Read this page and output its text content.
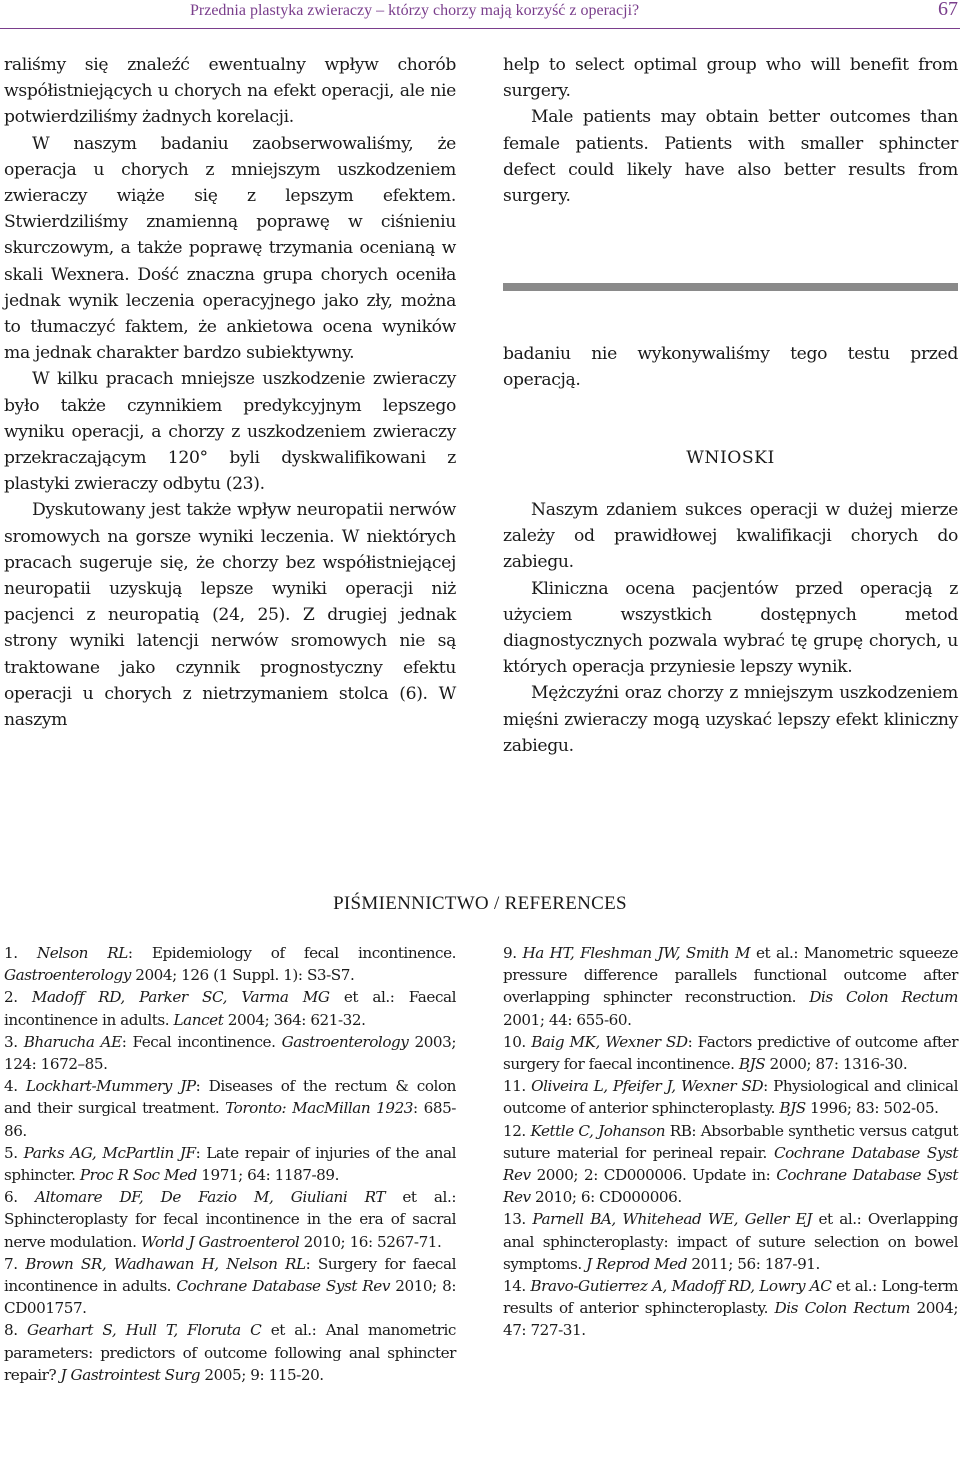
Przednia plastyka zwieraczy – którzy chorzy mają korzyść z operacji?	67

raliśmy się znaleźć ewentualny wpływ chorób współistniejących u chorych na efekt operacji, ale nie potwierdziliśmy żadnych korelacji.

W naszym badaniu zaobserwowaliśmy, że operacja u chorych z mniejszym uszkodzeniem zwieraczy wiąże się z lepszym efektem. Stwierdziliśmy znamienną poprawę w ciśnieniu skurczowym, a także poprawę trzymania ocenianą w skali Wexnera. Dość znaczna grupa chorych oceniła jednak wynik leczenia operacyjnego jako zły, można to tłumaczyć faktem, że ankietowa ocena wyników ma jednak charakter bardzo subiektywny.

W kilku pracach mniejsze uszkodzenie zwieraczy było także czynnikiem predykcyjnym lepszego wyniku operacji, a chorzy z uszkodzeniem zwieraczy przekraczającym 120° byli dyskwalifikowani z plastyki zwieraczy odbytu (23).

Dyskutowany jest także wpływ neuropatii nerwów sromowych na gorsze wyniki leczenia. W niektórych pracach sugeruje się, że chorzy bez współistniejącej neuropatii uzyskują lepsze wyniki operacji niż pacjenci z neuropatią (24, 25). Z drugiej jednak strony wyniki latencji nerwów sromowych nie są traktowane jako czynnik prognostyczny efektu operacji u chorych z nietrzymaniem stolca (6). W naszym

help to select optimal group who will benefit from surgery.

Male patients may obtain better outcomes than female patients. Patients with smaller sphincter defect could likely have also better results from surgery.

badaniu nie wykonywaliśmy tego testu przed operacją.

WNIOSKI

Naszym zdaniem sukces operacji w dużej mierze zależy od prawidłowej kwalifikacji chorych do zabiegu.

Kliniczna ocena pacjentów przed operacją z użyciem wszystkich dostępnych metod diagnostycznych pozwala wybrać tę grupę chorych, u których operacja przyniesie lepszy wynik.

Mężczyźni oraz chorzy z mniejszym uszkodzeniem mięśni zwieraczy mogą uzyskać lepszy efekt kliniczny zabiegu.

PIŚMIENNICTWO / REFERENCES

1. Nelson RL: Epidemiology of fecal incontinence. Gastroenterology 2004; 126 (1 Suppl. 1): S3-S7.

2. Madoff RD, Parker SC, Varma MG et al.: Faecal incontinence in adults. Lancet 2004; 364: 621-32.

3. Bharucha AE: Fecal incontinence. Gastroenterology 2003; 124: 1672–85.

4. Lockhart-Mummery JP: Diseases of the rectum & colon and their surgical treatment. Toronto: MacMillan 1923: 685-86.

5. Parks AG, McPartlin JF: Late repair of injuries of the anal sphincter. Proc R Soc Med 1971; 64: 1187-89.

6. Altomare DF, De Fazio M, Giuliani RT et al.: Sphincteroplasty for fecal incontinence in the era of sacral nerve modulation. World J Gastroenterol 2010; 16: 5267-71.

7. Brown SR, Wadhawan H, Nelson RL: Surgery for faecal incontinence in adults. Cochrane Database Syst Rev 2010; 8: CD001757.

8. Gearhart S, Hull T, Floruta C et al.: Anal manometric parameters: predictors of outcome following anal sphincter repair? J Gastrointest Surg 2005; 9: 115-20.

9. Ha HT, Fleshman JW, Smith M et al.: Manometric squeeze pressure difference parallels functional outcome after overlapping sphincter reconstruction. Dis Colon Rectum 2001; 44: 655-60.

10. Baig MK, Wexner SD: Factors predictive of outcome after surgery for faecal incontinence. BJS 2000; 87: 1316-30.

11. Oliveira L, Pfeifer J, Wexner SD: Physiological and clinical outcome of anterior sphincteroplasty. BJS 1996; 83: 502-05.

12. Kettle C, Johanson RB: Absorbable synthetic versus catgut suture material for perineal repair. Cochrane Database Syst Rev 2000; 2: CD000006. Update in: Cochrane Database Syst Rev 2010; 6: CD000006.

13. Parnell BA, Whitehead WE, Geller EJ et al.: Overlapping anal sphincteroplasty: impact of suture selection on bowel symptoms. J Reprod Med 2011; 56: 187-91.

14. Bravo-Gutierrez A, Madoff RD, Lowry AC et al.: Long-term results of anterior sphincteroplasty. Dis Colon Rectum 2004; 47: 727-31.
